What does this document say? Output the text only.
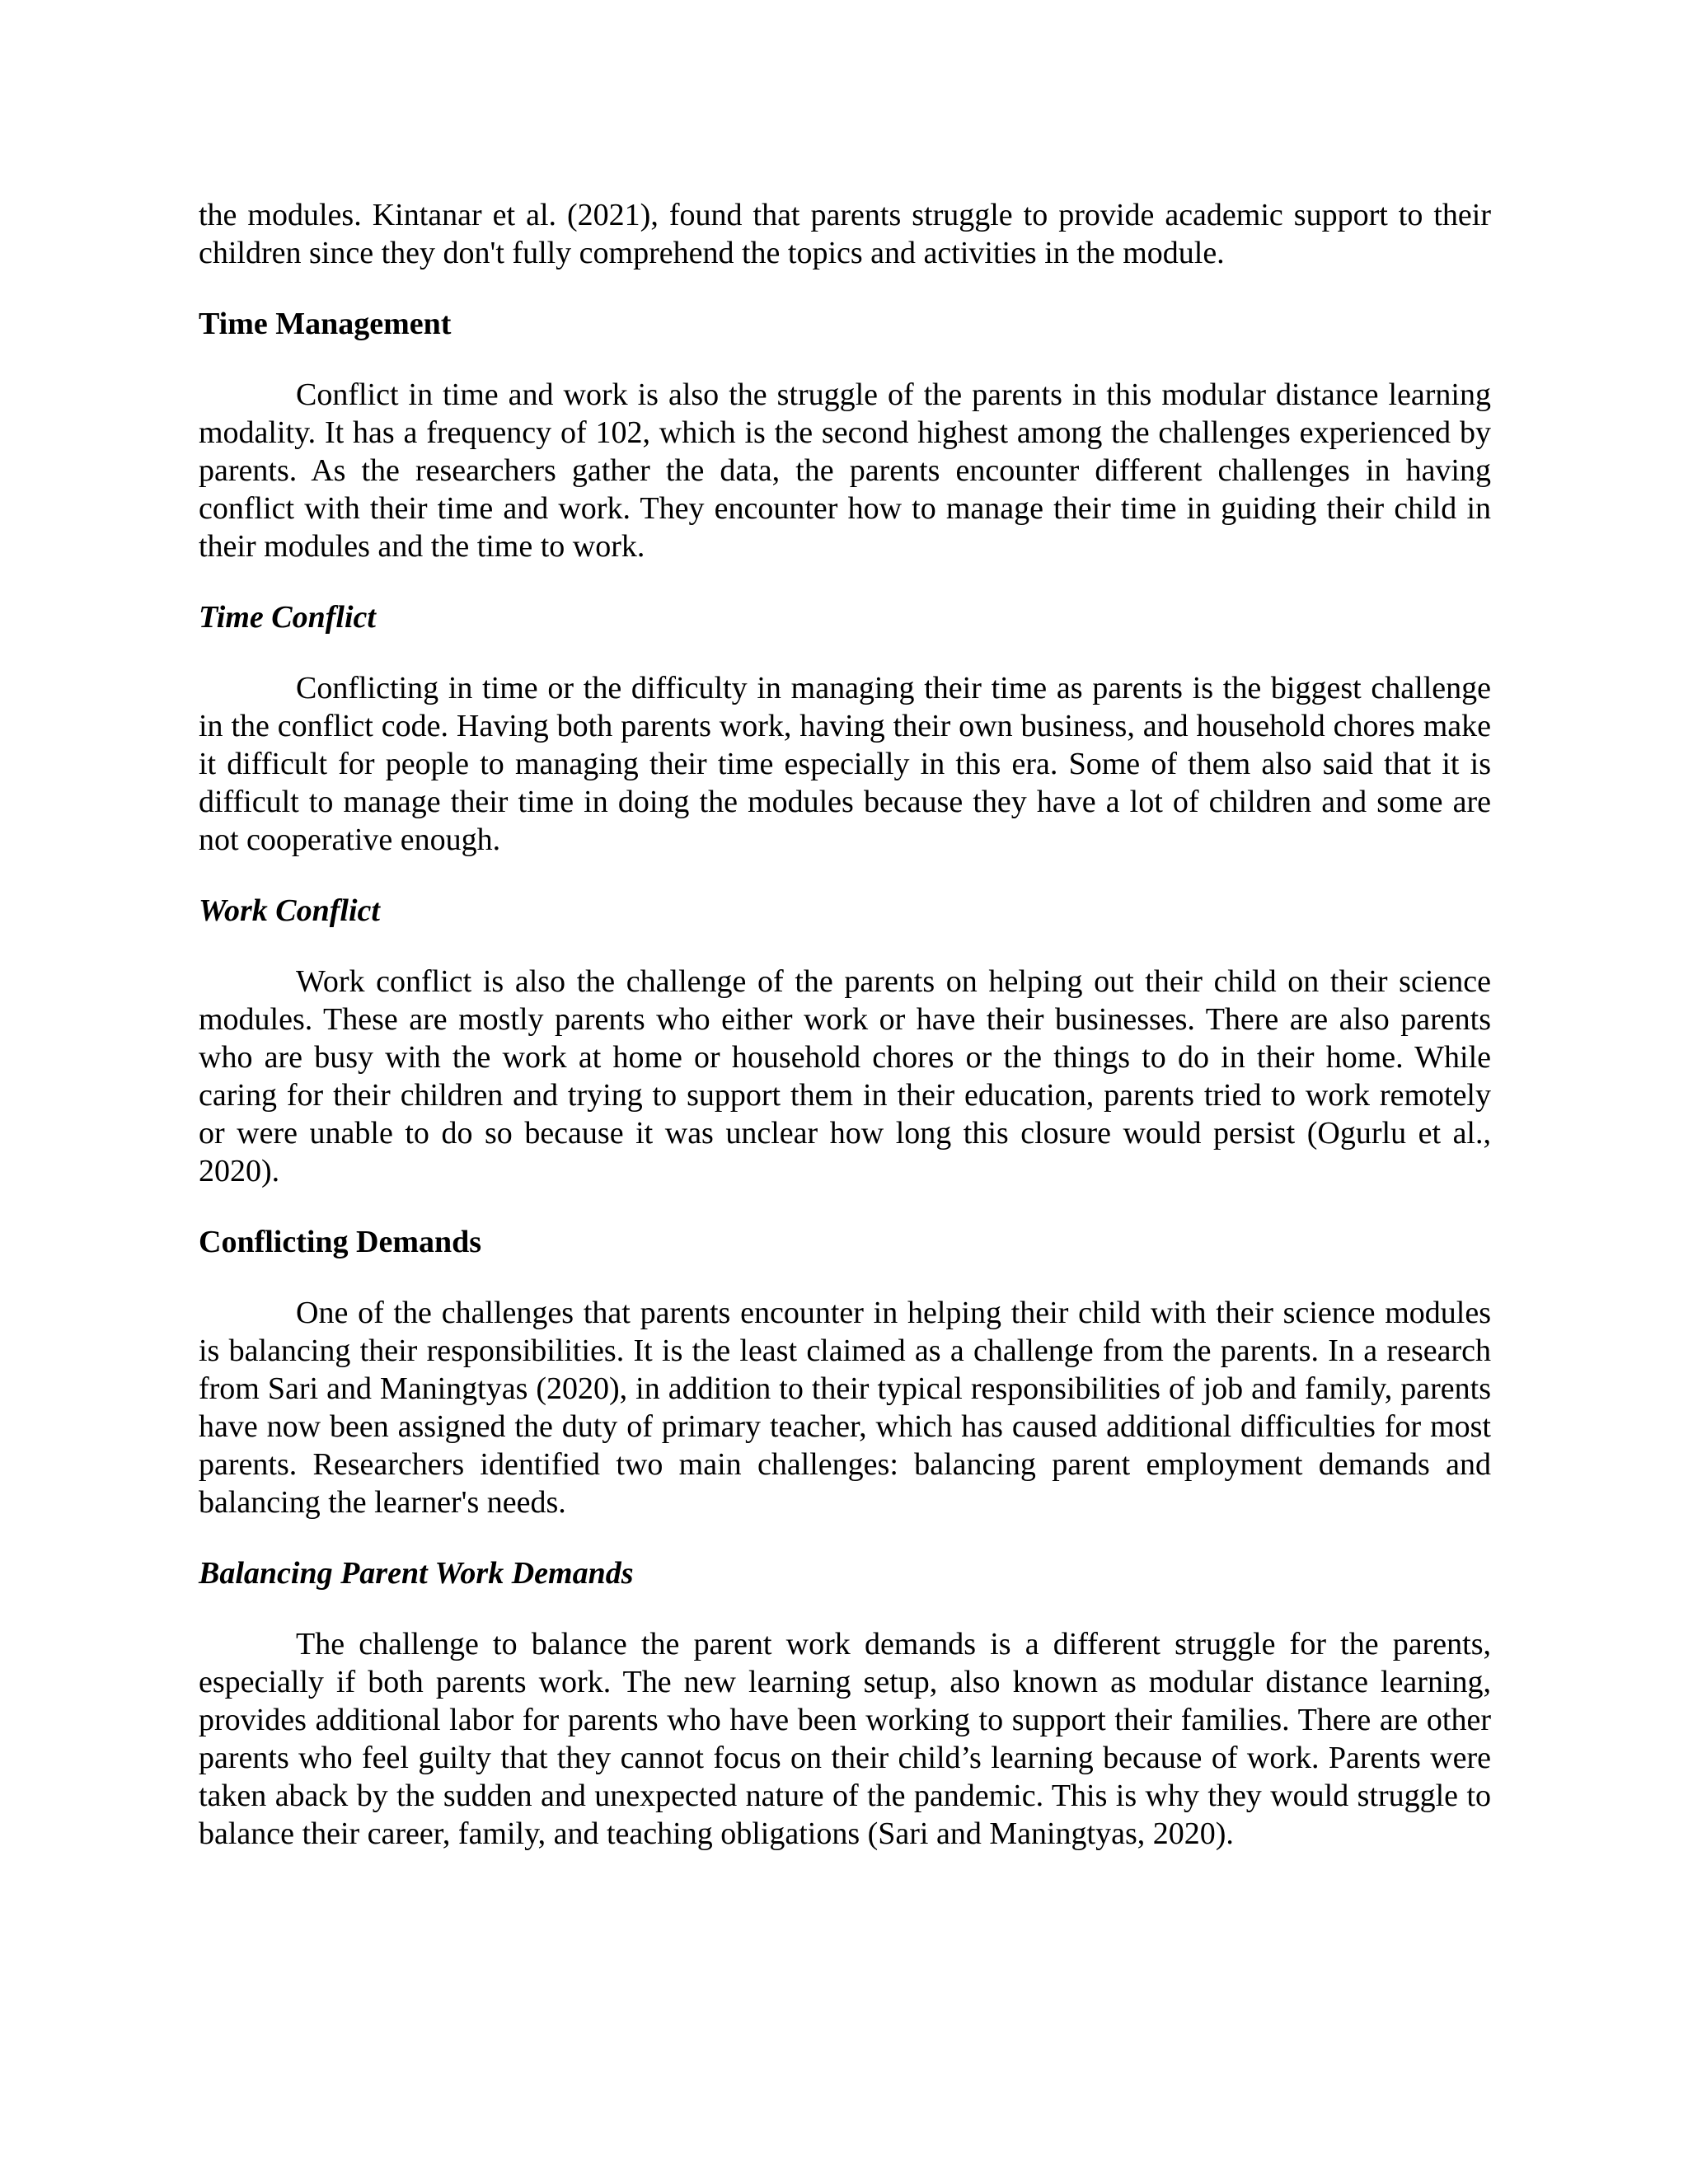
the modules. Kintanar et al. (2021), found that parents struggle to provide academic support to their children since they don't fully comprehend the topics and activities in the module.

Time Management

Conflict in time and work is also the struggle of the parents in this modular distance learning modality. It has a frequency of 102, which is the second highest among the challenges experienced by parents. As the researchers gather the data, the parents encounter different challenges in having conflict with their time and work. They encounter how to manage their time in guiding their child in their modules and the time to work.

Time Conflict

Conflicting in time or the difficulty in managing their time as parents is the biggest challenge in the conflict code. Having both parents work, having their own business, and household chores make it difficult for people to managing their time especially in this era. Some of them also said that it is difficult to manage their time in doing the modules because they have a lot of children and some are not cooperative enough.

Work Conflict

Work conflict is also the challenge of the parents on helping out their child on their science modules. These are mostly parents who either work or have their businesses. There are also parents who are busy with the work at home or household chores or the things to do in their home. While caring for their children and trying to support them in their education, parents tried to work remotely or were unable to do so because it was unclear how long this closure would persist (Ogurlu et al., 2020).

Conflicting Demands

One of the challenges that parents encounter in helping their child with their science modules is balancing their responsibilities. It is the least claimed as a challenge from the parents. In a research from Sari and Maningtyas (2020), in addition to their typical responsibilities of job and family, parents have now been assigned the duty of primary teacher, which has caused additional difficulties for most parents. Researchers identified two main challenges: balancing parent employment demands and balancing the learner's needs.

Balancing Parent Work Demands

The challenge to balance the parent work demands is a different struggle for the parents, especially if both parents work. The new learning setup, also known as modular distance learning, provides additional labor for parents who have been working to support their families. There are other parents who feel guilty that they cannot focus on their child’s learning because of work. Parents were taken aback by the sudden and unexpected nature of the pandemic. This is why they would struggle to balance their career, family, and teaching obligations (Sari and Maningtyas, 2020).
